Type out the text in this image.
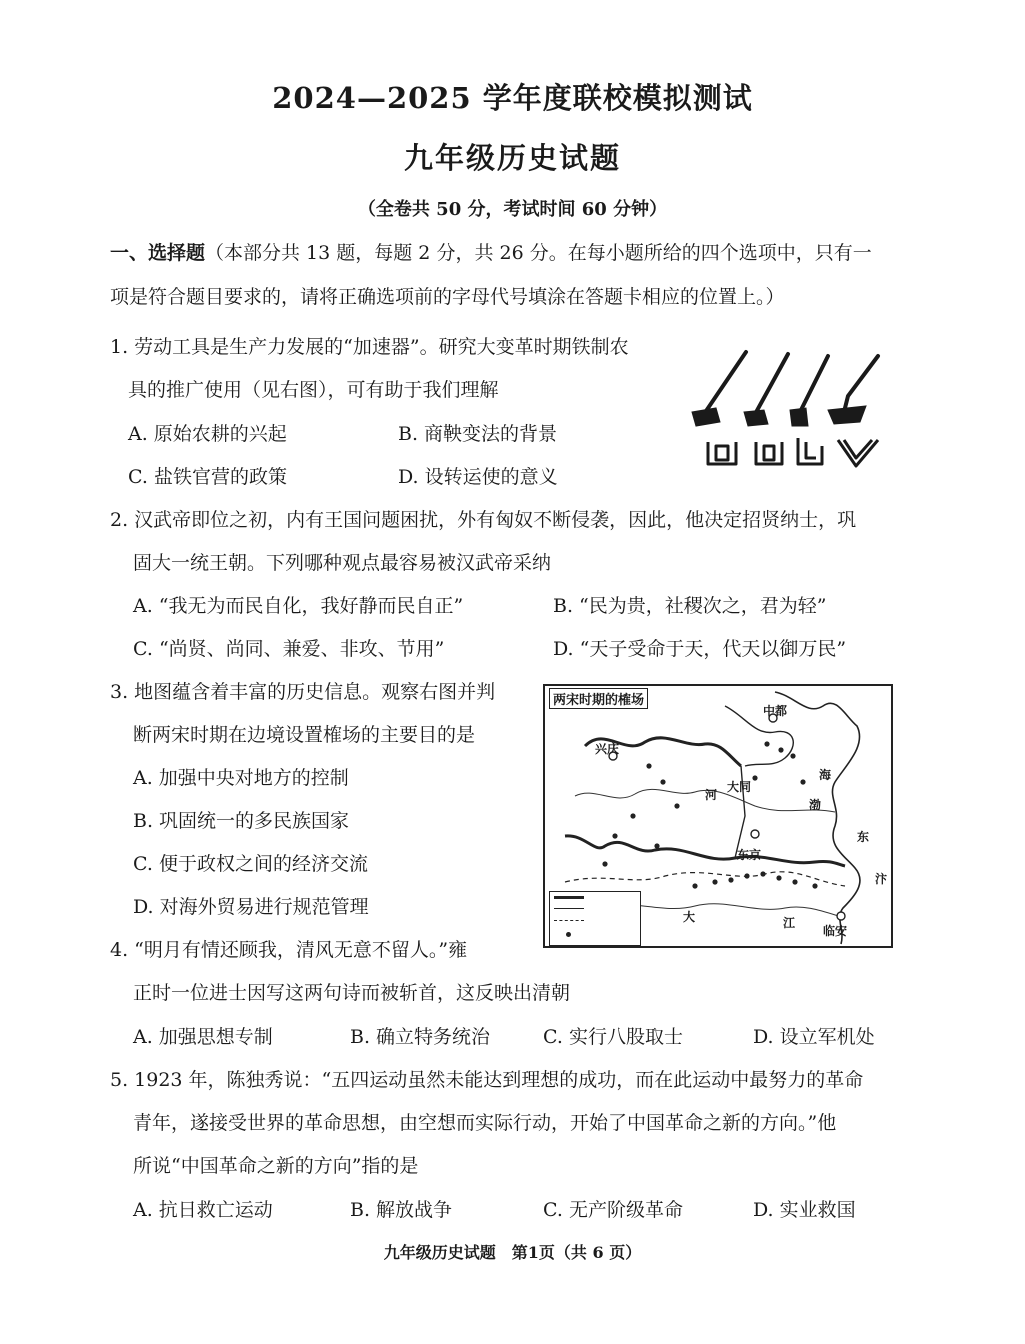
2024—2025 学年度联校模拟测试
九年级历史试题
（全卷共 50 分，考试时间 60 分钟）
一、选择题（本部分共 13 题，每题 2 分，共 26 分。在每小题所给的四个选项中，只有一
项是符合题目要求的，请将正确选项前的字母代号填涂在答题卡相应的位置上。）
1. 劳动工具是生产力发展的“加速器”。研究大变革时期铁制农
具的推广使用（见右图），可有助于我们理解
A. 原始农耕的兴起	B. 商鞅变法的背景
C. 盐铁官营的政策	D. 设转运使的意义
2. 汉武帝即位之初，内有王国问题困扰，外有匈奴不断侵袭，因此，他决定招贤纳士，巩
固大一统王朝。下列哪种观点最容易被汉武帝采纳
A. “我无为而民自化，我好静而民自正”	B. “民为贵，社稷次之，君为轻”
C. “尚贤、尚同、兼爱、非攻、节用”	D. “天子受命于天，代天以御万民”
3. 地图蕴含着丰富的历史信息。观察右图并判
断两宋时期在边境设置榷场的主要目的是
A. 加强中央对地方的控制
B. 巩固统一的多民族国家
C. 便于政权之间的经济交流
D. 对海外贸易进行规范管理
两宋时期的榷场
中都
兴庆
大同
东京
临安
河
江
大
东
海
渤
汴
4. “明月有情还顾我，清风无意不留人。”雍
正时一位进士因写这两句诗而被斩首，这反映出清朝
A. 加强思想专制	B. 确立特务统治	C. 实行八股取士	D. 设立军机处
5. 1923 年，陈独秀说：“五四运动虽然未能达到理想的成功，而在此运动中最努力的革命
青年，遂接受世界的革命思想，由空想而实际行动，开始了中国革命之新的方向。”他
所说“中国革命之新的方向”指的是
A. 抗日救亡运动	B. 解放战争	C. 无产阶级革命	D. 实业救国
九年级历史试题　第1页（共 6 页）
